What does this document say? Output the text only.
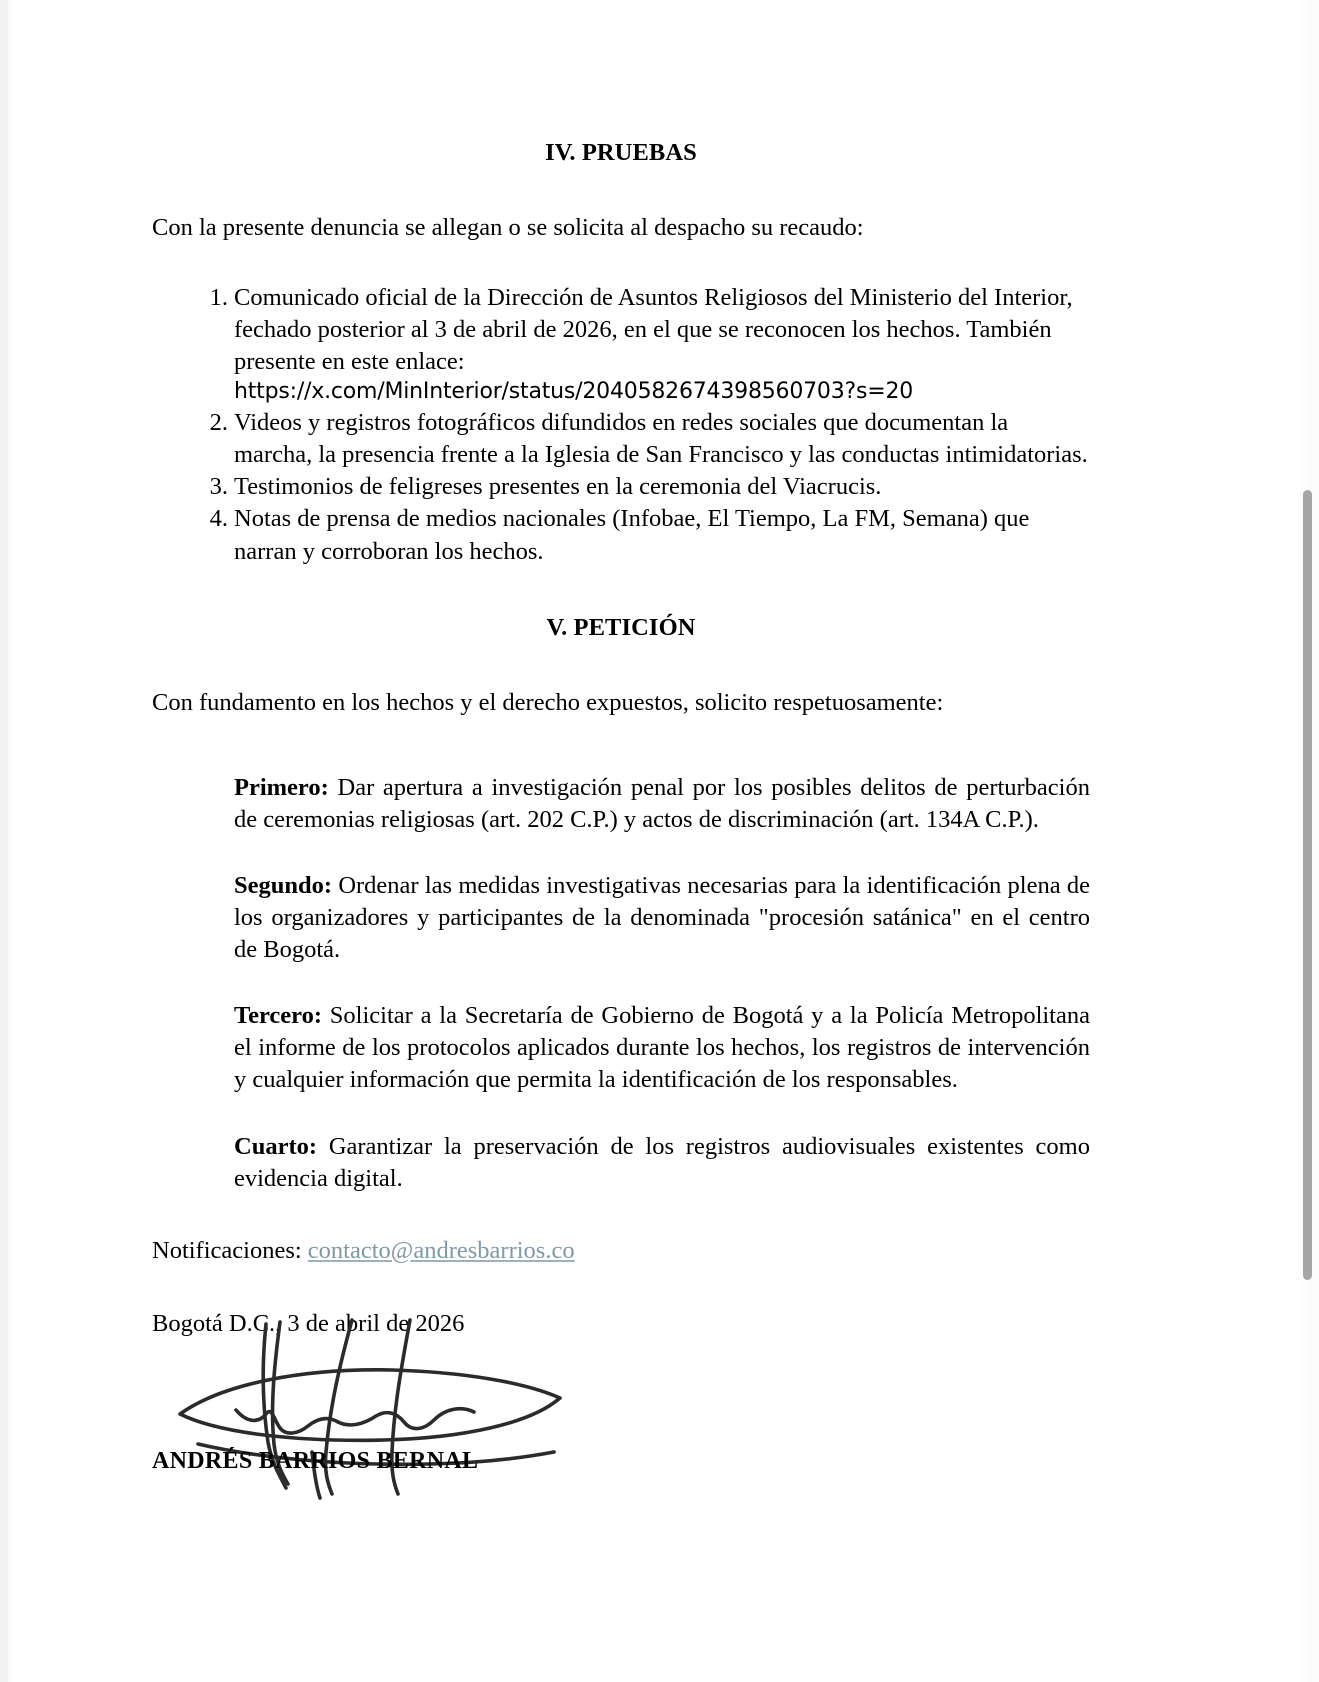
IV. PRUEBAS

Con la presente denuncia se allegan o se solicita al despacho su recaudo:

1. Comunicado oficial de la Dirección de Asuntos Religiosos del Ministerio del Interior, fechado posterior al 3 de abril de 2026, en el que se reconocen los hechos. También presente en este enlace:
https://x.com/MinInterior/status/2040582674398560703?s=20
2. Videos y registros fotográficos difundidos en redes sociales que documentan la marcha, la presencia frente a la Iglesia de San Francisco y las conductas intimidatorias.
3. Testimonios de feligreses presentes en la ceremonia del Viacrucis.
4. Notas de prensa de medios nacionales (Infobae, El Tiempo, La FM, Semana) que narran y corroboran los hechos.
V. PETICIÓN

Con fundamento en los hechos y el derecho expuestos, solicito respetuosamente:

Primero: Dar apertura a investigación penal por los posibles delitos de perturbación de ceremonias religiosas (art. 202 C.P.) y actos de discriminación (art. 134A C.P.).

Segundo: Ordenar las medidas investigativas necesarias para la identificación plena de los organizadores y participantes de la denominada "procesión satánica" en el centro de Bogotá.

Tercero: Solicitar a la Secretaría de Gobierno de Bogotá y a la Policía Metropolitana el informe de los protocolos aplicados durante los hechos, los registros de intervención y cualquier información que permita la identificación de los responsables.

Cuarto: Garantizar la preservación de los registros audiovisuales existentes como evidencia digital.

Notificaciones: contacto@andresbarrios.co

Bogotá D.C., 3 de abril de 2026

ANDRÉS BARRIOS BERNAL
